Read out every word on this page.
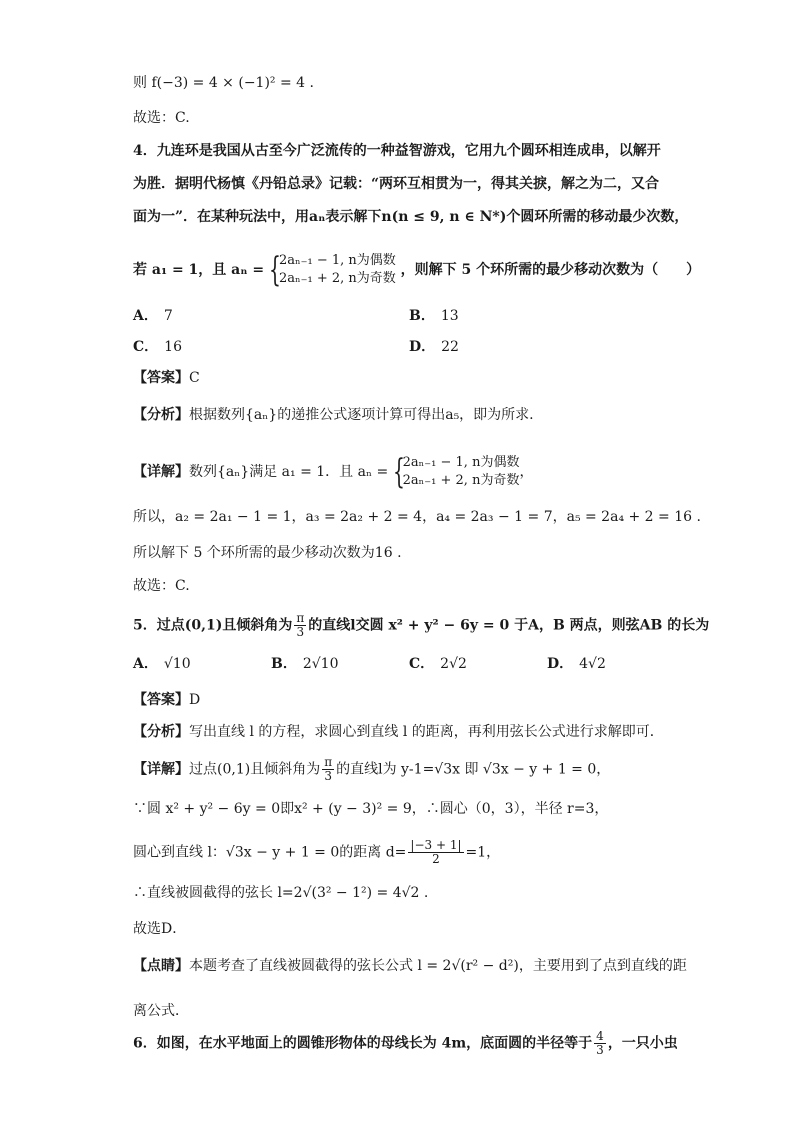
则 f(−3) = 4 × (−1)² = 4 .
故选：C.
4．九连环是我国从古至今广泛流传的一种益智游戏，它用九个圆环相连成串，以解开
为胜．据明代杨慎《丹铅总录》记载：“两环互相贯为一，得其关捩，解之为二，又合
面为一”．在某种玩法中，用aₙ表示解下n(n ≤ 9, n ∈ N*)个圆环所需的移动最少次数，
若 a₁ = 1，且 aₙ = {
2aₙ₋₁ − 1, n为偶数
2aₙ₋₁ + 2, n为奇数
，则解下 5 个环所需的最少移动次数为（　　）
A． 7	B． 13
C． 16	D． 22
【答案】C
【分析】根据数列{aₙ}的递推公式逐项计算可得出a₅，即为所求.
【详解】数列{aₙ}满足 a₁ = 1．且 aₙ = {
2aₙ₋₁ − 1, n为偶数
2aₙ₋₁ + 2, n为奇数
，
所以，a₂ = 2a₁ − 1 = 1，a₃ = 2a₂ + 2 = 4，a₄ = 2a₃ − 1 = 7，a₅ = 2a₄ + 2 = 16 .
所以解下 5 个环所需的最少移动次数为16 .
故选：C.
5．过点(0,1)且倾斜角为 $\frac{\pi}{3}$ 的直线l交圆 x² + y² − 6y = 0 于A，B 两点，则弦AB 的长为
A． √10	B． 2√10	C． 2√2	D． 4√2
【答案】D
【分析】写出直线 l 的方程，求圆心到直线 l 的距离，再利用弦长公式进行求解即可．
【详解】过点(0,1)且倾斜角为 $\frac{\pi}{3}$ 的直线l为 y-1=√3x 即 √3x − y + 1 = 0，
∵圆 x² + y² − 6y = 0即x² + (y − 3)² = 9，∴圆心（0，3），半径 r=3，
圆心到直线 l：√3x − y + 1 = 0的距离 $d= \frac{|-3 + 1|}{2} =1$，
∴直线被圆截得的弦长 l=2√(3² − 1²) = 4√2 .
故选D．
【点睛】本题考查了直线被圆截得的弦长公式 l = 2√(r² − d²)，主要用到了点到直线的距
离公式．
6．如图，在水平地面上的圆锥形物体的母线长为 4m，底面圆的半径等于 $\frac{4}{3}$ ，一只小虫
